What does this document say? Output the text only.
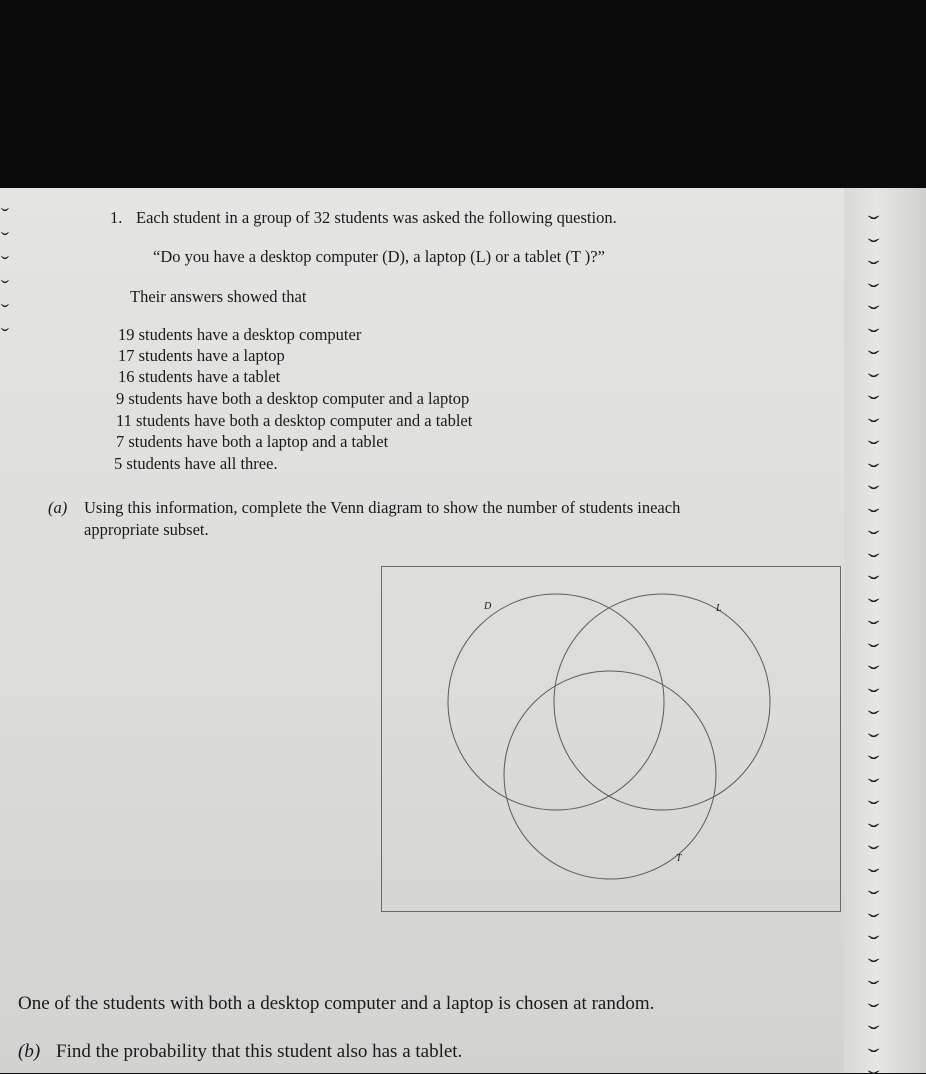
ˬ
ˬ
ˬ
ˬ
ˬ
ˬ
ˬ
ˬ
ˬ
ˬ
ˬ
ˬ
ˬ
ˬ
ˬ
ˬ
ˬ
ˬ
ˬ
ˬ
ˬ
ˬ
ˬ
ˬ
ˬ
ˬ
ˬ
ˬ
ˬ
ˬ
ˬ
ˬ
ˬ
ˬ
ˬ
ˬ
ˬ
ˬ
ˬ
ˬ
ˬ
ˬ
ˬ
ˬ
ˬ
1. Each student in a group of 32 students was asked the following question.
“Do you have a desktop computer (D), a laptop (L) or a tablet (T )?”
Their answers showed that
19 students have a desktop computer
17 students have a laptop
16 students have a tablet
9 students have both a desktop computer and a laptop
11 students have both a desktop computer and a tablet
7 students have both a laptop and a tablet
5 students have all three.
(a) Using this information, complete the Venn diagram to show the number of students ineach
appropriate subset.
D	L
T
One of the students with both a desktop computer and a laptop is chosen at random.
(b) Find the probability that this student also has a tablet.
